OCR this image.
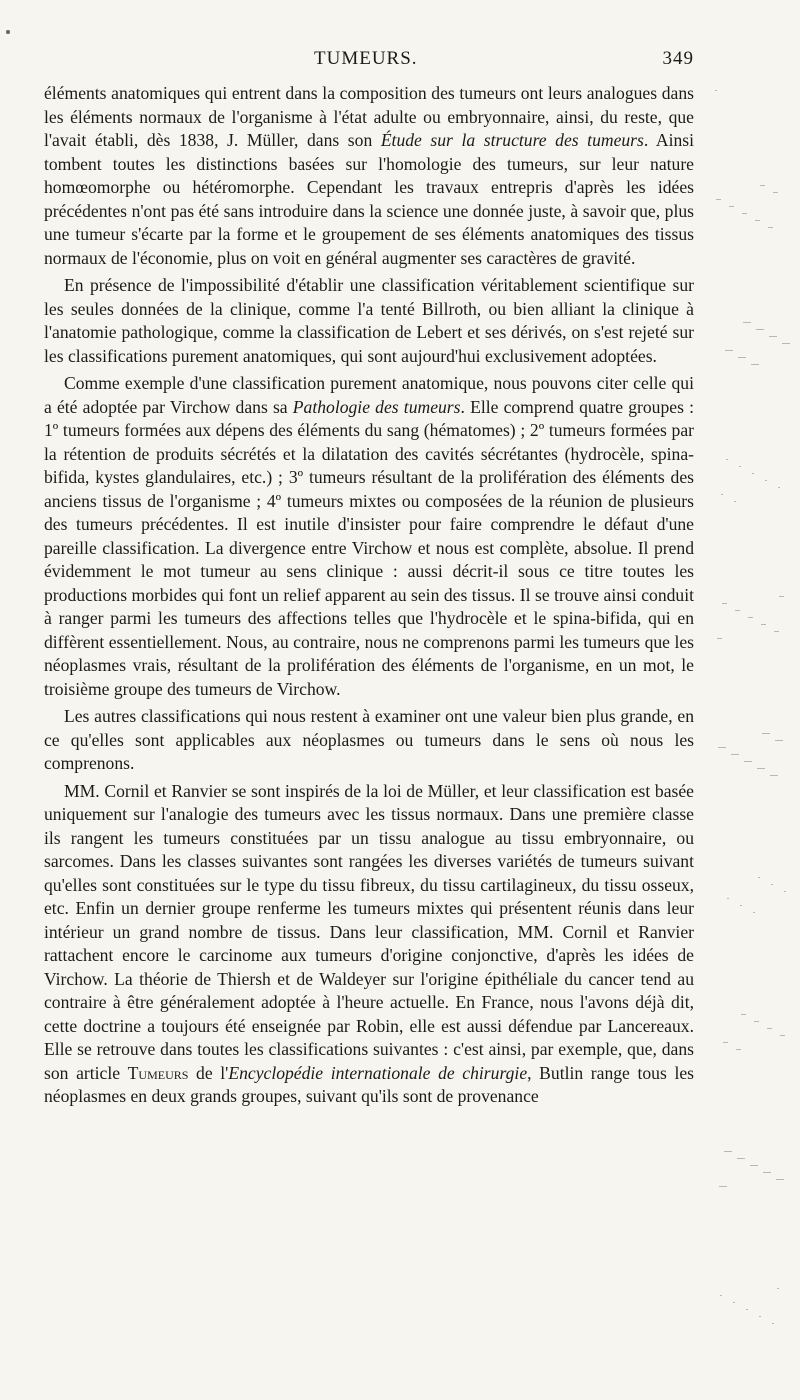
TUMEURS.	349

éléments anatomiques qui entrent dans la composition des tumeurs ont leurs analogues dans les éléments normaux de l'organisme à l'état adulte ou embryonnaire, ainsi, du reste, que l'avait établi, dès 1838, J. Müller, dans son Étude sur la structure des tumeurs. Ainsi tombent toutes les distinctions basées sur l'homologie des tumeurs, sur leur nature homœomorphe ou hétéromorphe. Cependant les travaux entrepris d'après les idées précédentes n'ont pas été sans introduire dans la science une donnée juste, à savoir que, plus une tumeur s'écarte par la forme et le groupement de ses éléments anatomiques des tissus normaux de l'économie, plus on voit en général augmenter ses caractères de gravité.

En présence de l'impossibilité d'établir une classification véritablement scientifique sur les seules données de la clinique, comme l'a tenté Billroth, ou bien alliant la clinique à l'anatomie pathologique, comme la classification de Lebert et ses dérivés, on s'est rejeté sur les classifications purement anatomiques, qui sont aujourd'hui exclusivement adoptées.

Comme exemple d'une classification purement anatomique, nous pouvons citer celle qui a été adoptée par Virchow dans sa Pathologie des tumeurs. Elle comprend quatre groupes : 1º tumeurs formées aux dépens des éléments du sang (hématomes) ; 2º tumeurs formées par la rétention de produits sécrétés et la dilatation des cavités sécrétantes (hydrocèle, spina-bifida, kystes glandulaires, etc.) ; 3º tumeurs résultant de la prolifération des éléments des anciens tissus de l'organisme ; 4º tumeurs mixtes ou composées de la réunion de plusieurs des tumeurs précédentes. Il est inutile d'insister pour faire comprendre le défaut d'une pareille classification. La divergence entre Virchow et nous est complète, absolue. Il prend évidemment le mot tumeur au sens clinique : aussi décrit-il sous ce titre toutes les productions morbides qui font un relief apparent au sein des tissus. Il se trouve ainsi conduit à ranger parmi les tumeurs des affections telles que l'hydrocèle et le spina-bifida, qui en diffèrent essentiellement. Nous, au contraire, nous ne comprenons parmi les tumeurs que les néoplasmes vrais, résultant de la prolifération des éléments de l'organisme, en un mot, le troisième groupe des tumeurs de Virchow.

Les autres classifications qui nous restent à examiner ont une valeur bien plus grande, en ce qu'elles sont applicables aux néoplasmes ou tumeurs dans le sens où nous les comprenons.

MM. Cornil et Ranvier se sont inspirés de la loi de Müller, et leur classification est basée uniquement sur l'analogie des tumeurs avec les tissus normaux. Dans une première classe ils rangent les tumeurs constituées par un tissu analogue au tissu embryonnaire, ou sarcomes. Dans les classes suivantes sont rangées les diverses variétés de tumeurs suivant qu'elles sont constituées sur le type du tissu fibreux, du tissu cartilagineux, du tissu osseux, etc. Enfin un dernier groupe renferme les tumeurs mixtes qui présentent réunis dans leur intérieur un grand nombre de tissus. Dans leur classification, MM. Cornil et Ranvier rattachent encore le carcinome aux tumeurs d'origine conjonctive, d'après les idées de Virchow. La théorie de Thiersh et de Waldeyer sur l'origine épithéliale du cancer tend au contraire à être généralement adoptée à l'heure actuelle. En France, nous l'avons déjà dit, cette doctrine a toujours été enseignée par Robin, elle est aussi défendue par Lancereaux. Elle se retrouve dans toutes les classifications suivantes : c'est ainsi, par exemple, que, dans son article Tumeurs de l'Encyclopédie internationale de chirurgie, Butlin range tous les néoplasmes en deux grands groupes, suivant qu'ils sont de provenance
